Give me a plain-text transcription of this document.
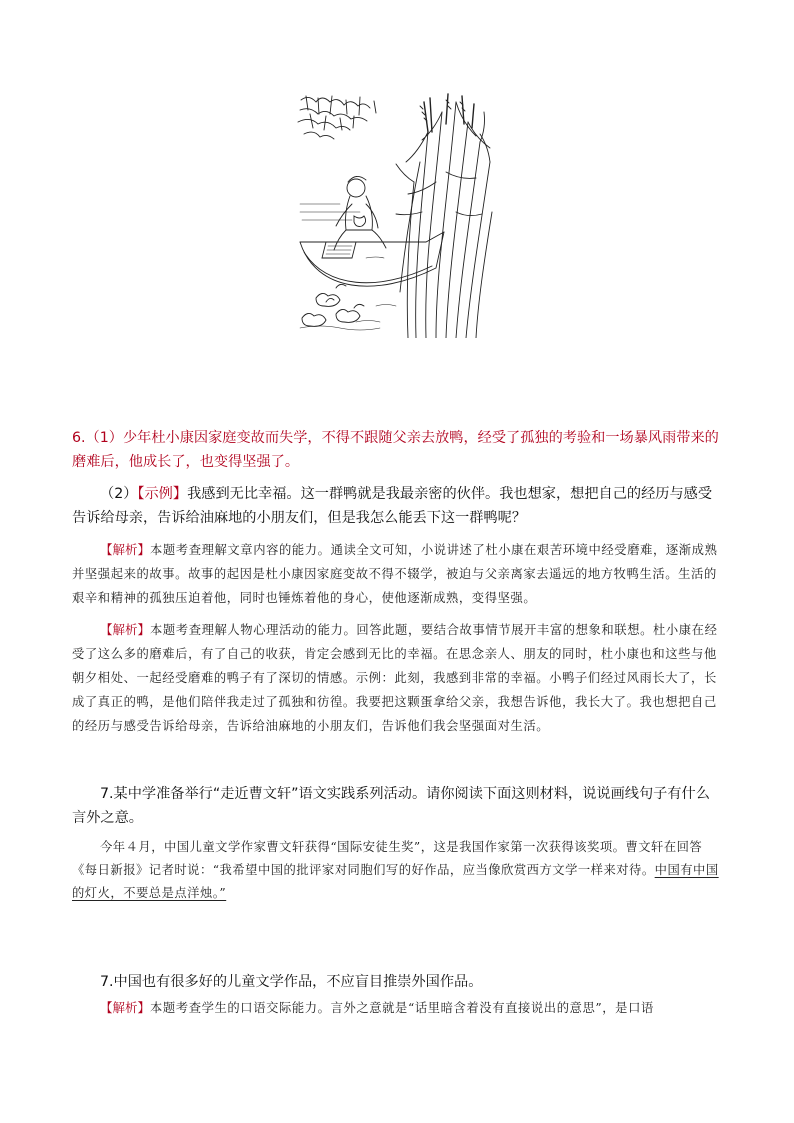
6.（1）少年杜小康因家庭变故而失学，不得不跟随父亲去放鸭，经受了孤独的考验和一场暴风雨带来的磨难后，他成长了，也变得坚强了。

（2）【示例】我感到无比幸福。这一群鸭就是我最亲密的伙伴。我也想家，想把自己的经历与感受告诉给母亲，告诉给油麻地的小朋友们，但是我怎么能丢下这一群鸭呢？

【解析】本题考查理解文章内容的能力。通读全文可知，小说讲述了杜小康在艰苦环境中经受磨难，逐渐成熟并坚强起来的故事。故事的起因是杜小康因家庭变故不得不辍学，被迫与父亲离家去遥远的地方牧鸭生活。生活的艰辛和精神的孤独压迫着他，同时也锤炼着他的身心，使他逐渐成熟，变得坚强。

【解析】本题考查理解人物心理活动的能力。回答此题，要结合故事情节展开丰富的想象和联想。杜小康在经受了这么多的磨难后，有了自己的收获，肯定会感到无比的幸福。在思念亲人、朋友的同时，杜小康也和这些与他朝夕相处、一起经受磨难的鸭子有了深切的情感。示例：此刻，我感到非常的幸福。小鸭子们经过风雨长大了，长成了真正的鸭，是他们陪伴我走过了孤独和彷徨。我要把这颗蛋拿给父亲，我想告诉他，我长大了。我也想把自己的经历与感受告诉给母亲，告诉给油麻地的小朋友们，告诉他们我会坚强面对生活。

7.某中学准备举行“走近曹文轩”语文实践系列活动。请你阅读下面这则材料，说说画线句子有什么言外之意。

今年４月，中国儿童文学作家曹文轩获得“国际安徒生奖”，这是我国作家第一次获得该奖项。曹文轩在回答《每日新报》记者时说：“我希望中国的批评家对同胞们写的好作品，应当像欣赏西方文学一样来对待。中国有中国的灯火，不要总是点洋烛。”

7.中国也有很多好的儿童文学作品，不应盲目推崇外国作品。

【解析】本题考查学生的口语交际能力。言外之意就是“话里暗含着没有直接说出的意思”，是口语
